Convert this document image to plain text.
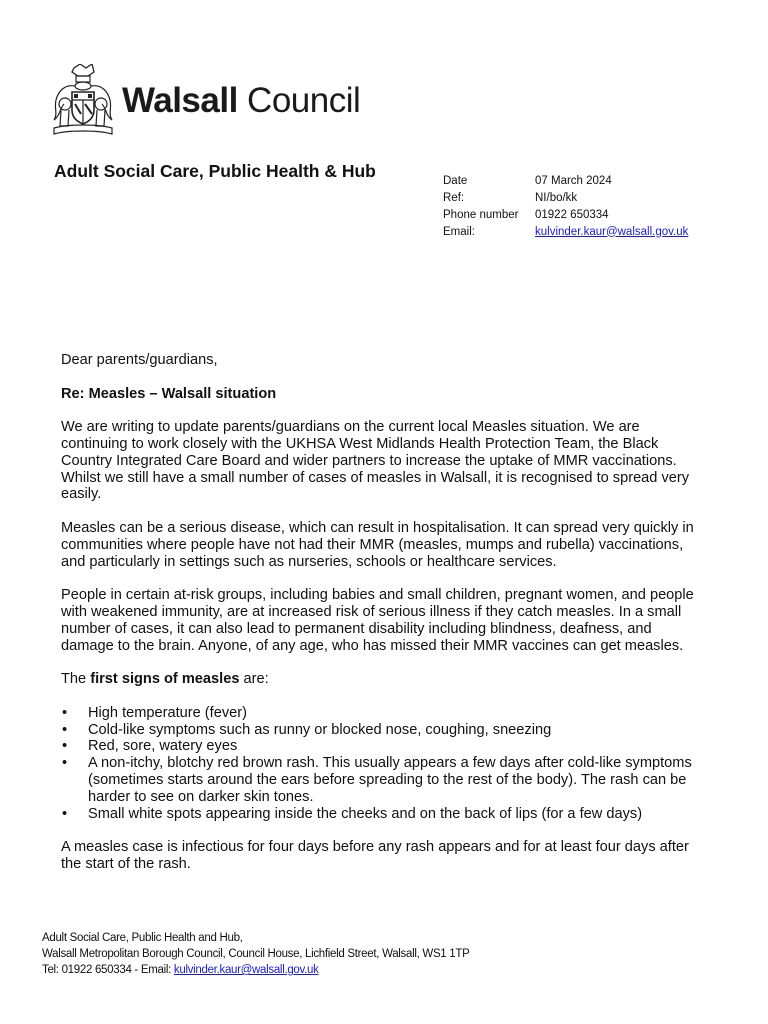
Walsall Council
Adult Social Care, Public Health & Hub	Date	07 March 2024
Ref:	NI/bo/kk
Phone number	01922 650334
Email:	kulvinder.kaur@walsall.gov.uk

Dear parents/guardians,

Re: Measles – Walsall situation

We are writing to update parents/guardians on the current local Measles situation. We are continuing to work closely with the UKHSA West Midlands Health Protection Team, the Black Country Integrated Care Board and wider partners to increase the uptake of MMR vaccinations. Whilst we still have a small number of cases of measles in Walsall, it is recognised to spread very easily.

Measles can be a serious disease, which can result in hospitalisation. It can spread very quickly in communities where people have not had their MMR (measles, mumps and rubella) vaccinations, and particularly in settings such as nurseries, schools or healthcare services.

People in certain at-risk groups, including babies and small children, pregnant women, and people with weakened immunity, are at increased risk of serious illness if they catch measles. In a small number of cases, it can also lead to permanent disability including blindness, deafness, and damage to the brain. Anyone, of any age, who has missed their MMR vaccines can get measles.

The first signs of measles are:

• High temperature (fever)
• Cold-like symptoms such as runny or blocked nose, coughing, sneezing
• Red, sore, watery eyes
• A non-itchy, blotchy red brown rash. This usually appears a few days after cold-like symptoms (sometimes starts around the ears before spreading to the rest of the body). The rash can be harder to see on darker skin tones.
• Small white spots appearing inside the cheeks and on the back of lips (for a few days)

A measles case is infectious for four days before any rash appears and for at least four days after the start of the rash.

Adult Social Care, Public Health and Hub,
Walsall Metropolitan Borough Council, Council House, Lichfield Street, Walsall, WS1 1TP
Tel: 01922 650334 - Email: kulvinder.kaur@walsall.gov.uk
